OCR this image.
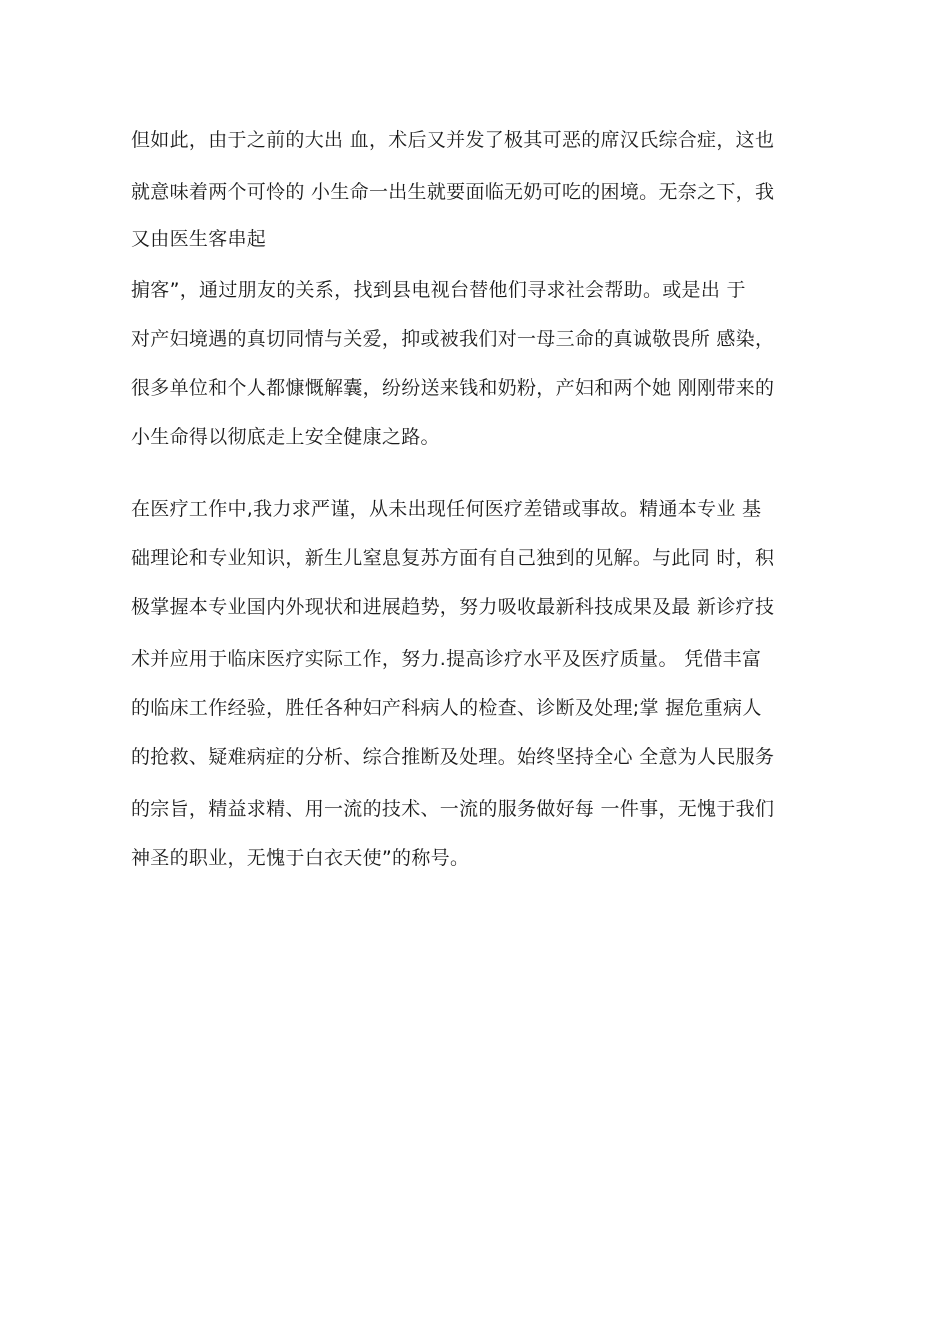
但如此，由于之前的大出 血，术后又并发了极其可恶的席汉氏综合症，这也
就意味着两个可怜的 小生命一出生就要面临无奶可吃的困境。无奈之下，我
又由医生客串起
掮客”，通过朋友的关系，找到县电视台替他们寻求社会帮助。或是出 于
对产妇境遇的真切同情与关爱，抑或被我们对一母三命的真诚敬畏所 感染，
很多单位和个人都慷慨解囊，纷纷送来钱和奶粉，产妇和两个她 刚刚带来的
小生命得以彻底走上安全健康之路。
在医疗工作中,我力求严谨，从未出现任何医疗差错或事故。精通本专业 基
础理论和专业知识，新生儿窒息复苏方面有自己独到的见解。与此同 时，积
极掌握本专业国内外现状和进展趋势，努力吸收最新科技成果及最 新诊疗技
术并应用于临床医疗实际工作，努力.提高诊疗水平及医疗质量。 凭借丰富
的临床工作经验，胜任各种妇产科病人的检查、诊断及处理;掌 握危重病人
的抢救、疑难病症的分析、综合推断及处理。始终坚持全心 全意为人民服务
的宗旨，精益求精、用一流的技术、一流的服务做好每 一件事，无愧于我们
神圣的职业，无愧于白衣天使”的称号。
